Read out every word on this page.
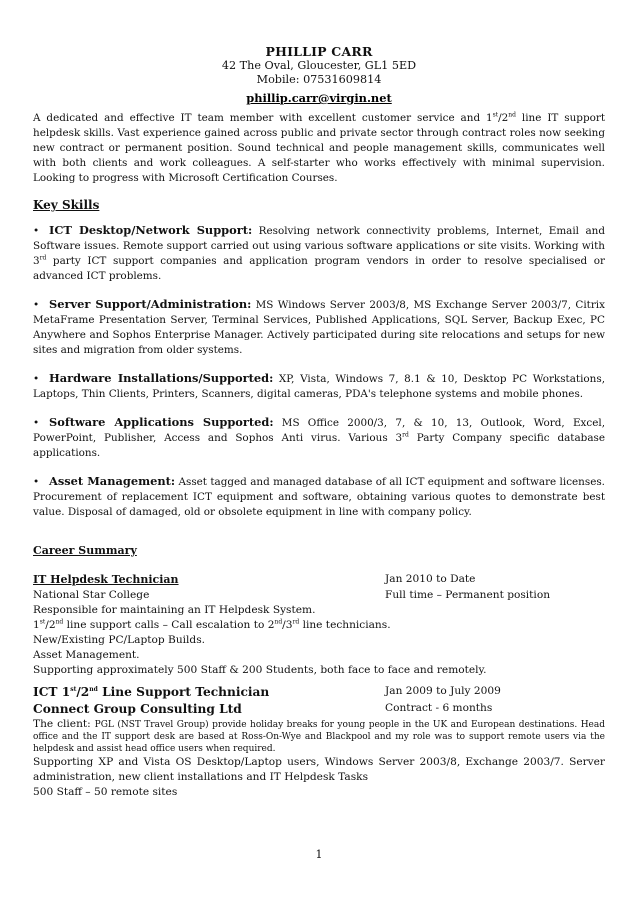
PHILLIP CARR
42 The Oval, Gloucester, GL1 5ED
Mobile: 07531609814
phillip.carr@virgin.net

A dedicated and effective IT team member with excellent customer service and 1st/2nd line IT support helpdesk skills. Vast experience gained across public and private sector through contract roles now seeking new contract or permanent position. Sound technical and people management skills, communicates well with both clients and work colleagues. A self-starter who works effectively with minimal supervision. Looking to progress with Microsoft Certification Courses.

Key Skills

• ICT Desktop/Network Support: Resolving network connectivity problems, Internet, Email and Software issues. Remote support carried out using various software applications or site visits. Working with 3rd party ICT support companies and application program vendors in order to resolve specialised or advanced ICT problems.

• Server Support/Administration: MS Windows Server 2003/8, MS Exchange Server 2003/7, Citrix MetaFrame Presentation Server, Terminal Services, Published Applications, SQL Server, Backup Exec, PC Anywhere and Sophos Enterprise Manager. Actively participated during site relocations and setups for new sites and migration from older systems.

• Hardware Installations/Supported: XP, Vista, Windows 7, 8.1 & 10, Desktop PC Workstations, Laptops, Thin Clients, Printers, Scanners, digital cameras, PDA's telephone systems and mobile phones.

• Software Applications Supported: MS Office 2000/3, 7, & 10, 13, Outlook, Word, Excel, PowerPoint, Publisher, Access and Sophos Anti virus. Various 3rd Party Company specific database applications.

• Asset Management: Asset tagged and managed database of all ICT equipment and software licenses. Procurement of replacement ICT equipment and software, obtaining various quotes to demonstrate best value. Disposal of damaged, old or obsolete equipment in line with company policy.

Career Summary
IT Helpdesk Technician	Jan 2010 to Date
National Star College	Full time – Permanent position
Responsible for maintaining an IT Helpdesk System.
1st/2nd line support calls – Call escalation to 2nd/3rd line technicians.
New/Existing PC/Laptop Builds.
Asset Management.
Supporting approximately 500 Staff & 200 Students, both face to face and remotely.
ICT 1st/2nd Line Support Technician	Jan 2009 to July 2009
Connect Group Consulting Ltd	Contract - 6 months

The client: PGL (NST Travel Group) provide holiday breaks for young people in the UK and European destinations. Head office and the IT support desk are based at Ross-On-Wye and Blackpool and my role was to support remote users via the helpdesk and assist head office users when required.

Supporting XP and Vista OS Desktop/Laptop users, Windows Server 2003/8, Exchange 2003/7. Server administration, new client installations and IT Helpdesk Tasks

500 Staff – 50 remote sites
1
